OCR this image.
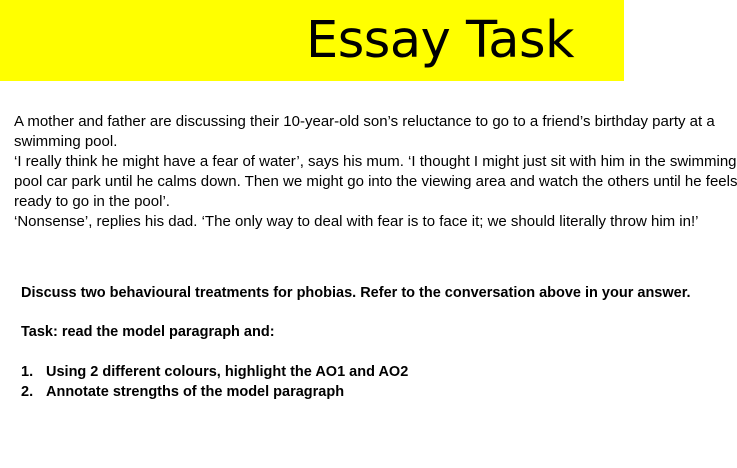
Essay Task
A mother and father are discussing their 10-year-old son’s reluctance to go to a friend’s birthday party at a
swimming pool.
‘I really think he might have a fear of water’, says his mum. ‘I thought I might just sit with him in the swimming
pool car park until he calms down. Then we might go into the viewing area and watch the others until he feels
ready to go in the pool’.
‘Nonsense’, replies his dad. ‘The only way to deal with fear is to face it; we should literally throw him in!’
Discuss two behavioural treatments for phobias. Refer to the conversation above in your answer.
Task: read the model paragraph and:
1. Using 2 different colours, highlight the AO1 and AO2
2. Annotate strengths of the model paragraph
